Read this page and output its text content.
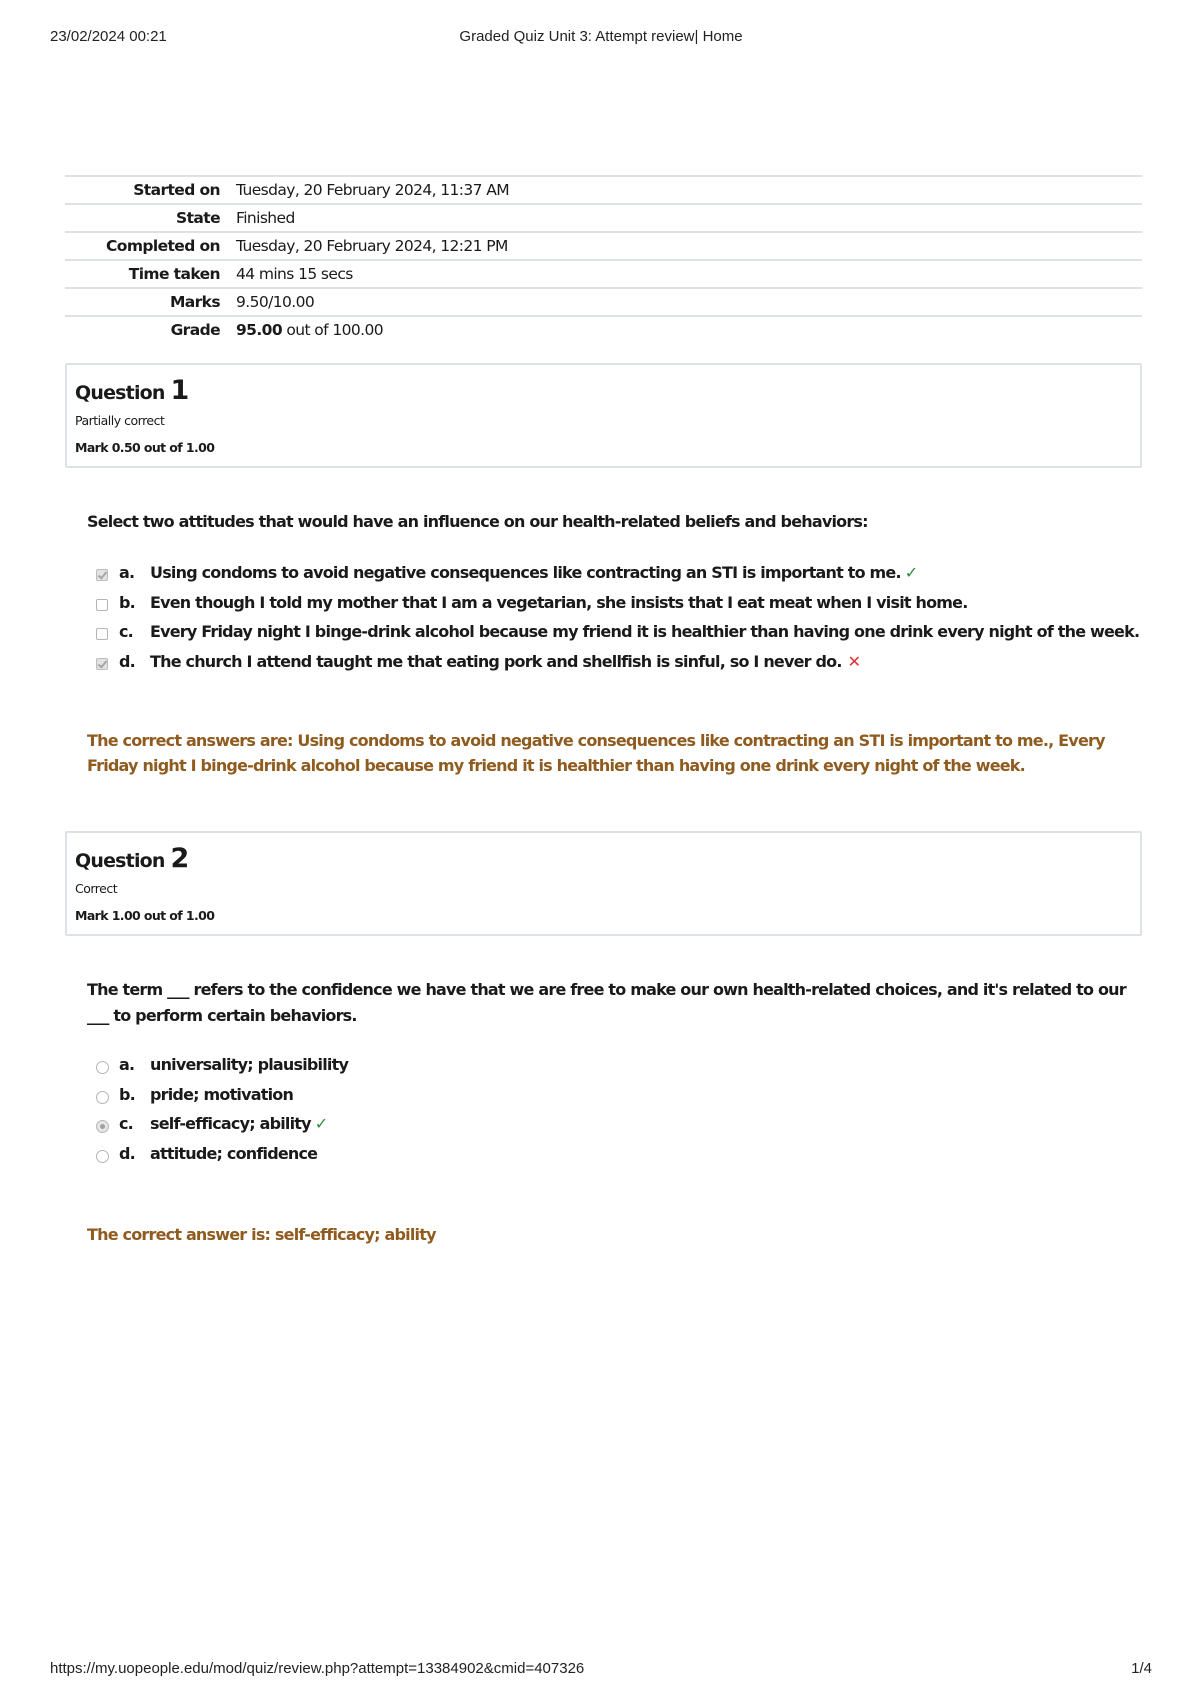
23/02/2024 00:21	Graded Quiz Unit 3: Attempt review| Home
Started on	Tuesday, 20 February 2024, 11:37 AM
State	Finished
Completed on	Tuesday, 20 February 2024, 12:21 PM
Time taken	44 mins 15 secs
Marks	9.50/10.00
Grade	95.00 out of 100.00
Question 1
Partially correct
Mark 0.50 out of 1.00
Select two attitudes that would have an influence on our health-related beliefs and behaviors:
a. Using condoms to avoid negative consequences like contracting an STI is important to me. ✓
b. Even though I told my mother that I am a vegetarian, she insists that I eat meat when I visit home.
c. Every Friday night I binge-drink alcohol because my friend it is healthier than having one drink every night of the week.
d. The church I attend taught me that eating pork and shellfish is sinful, so I never do. ✕
The correct answers are: Using condoms to avoid negative consequences like contracting an STI is important to me., Every Friday night I binge-drink alcohol because my friend it is healthier than having one drink every night of the week.
Question 2
Correct
Mark 1.00 out of 1.00
The term ___ refers to the confidence we have that we are free to make our own health-related choices, and it's related to our ___ to perform certain behaviors.
a. universality; plausibility
b. pride; motivation
c. self-efficacy; ability ✓
d. attitude; confidence
The correct answer is: self-efficacy; ability
https://my.uopeople.edu/mod/quiz/review.php?attempt=13384902&cmid=407326	1/4
